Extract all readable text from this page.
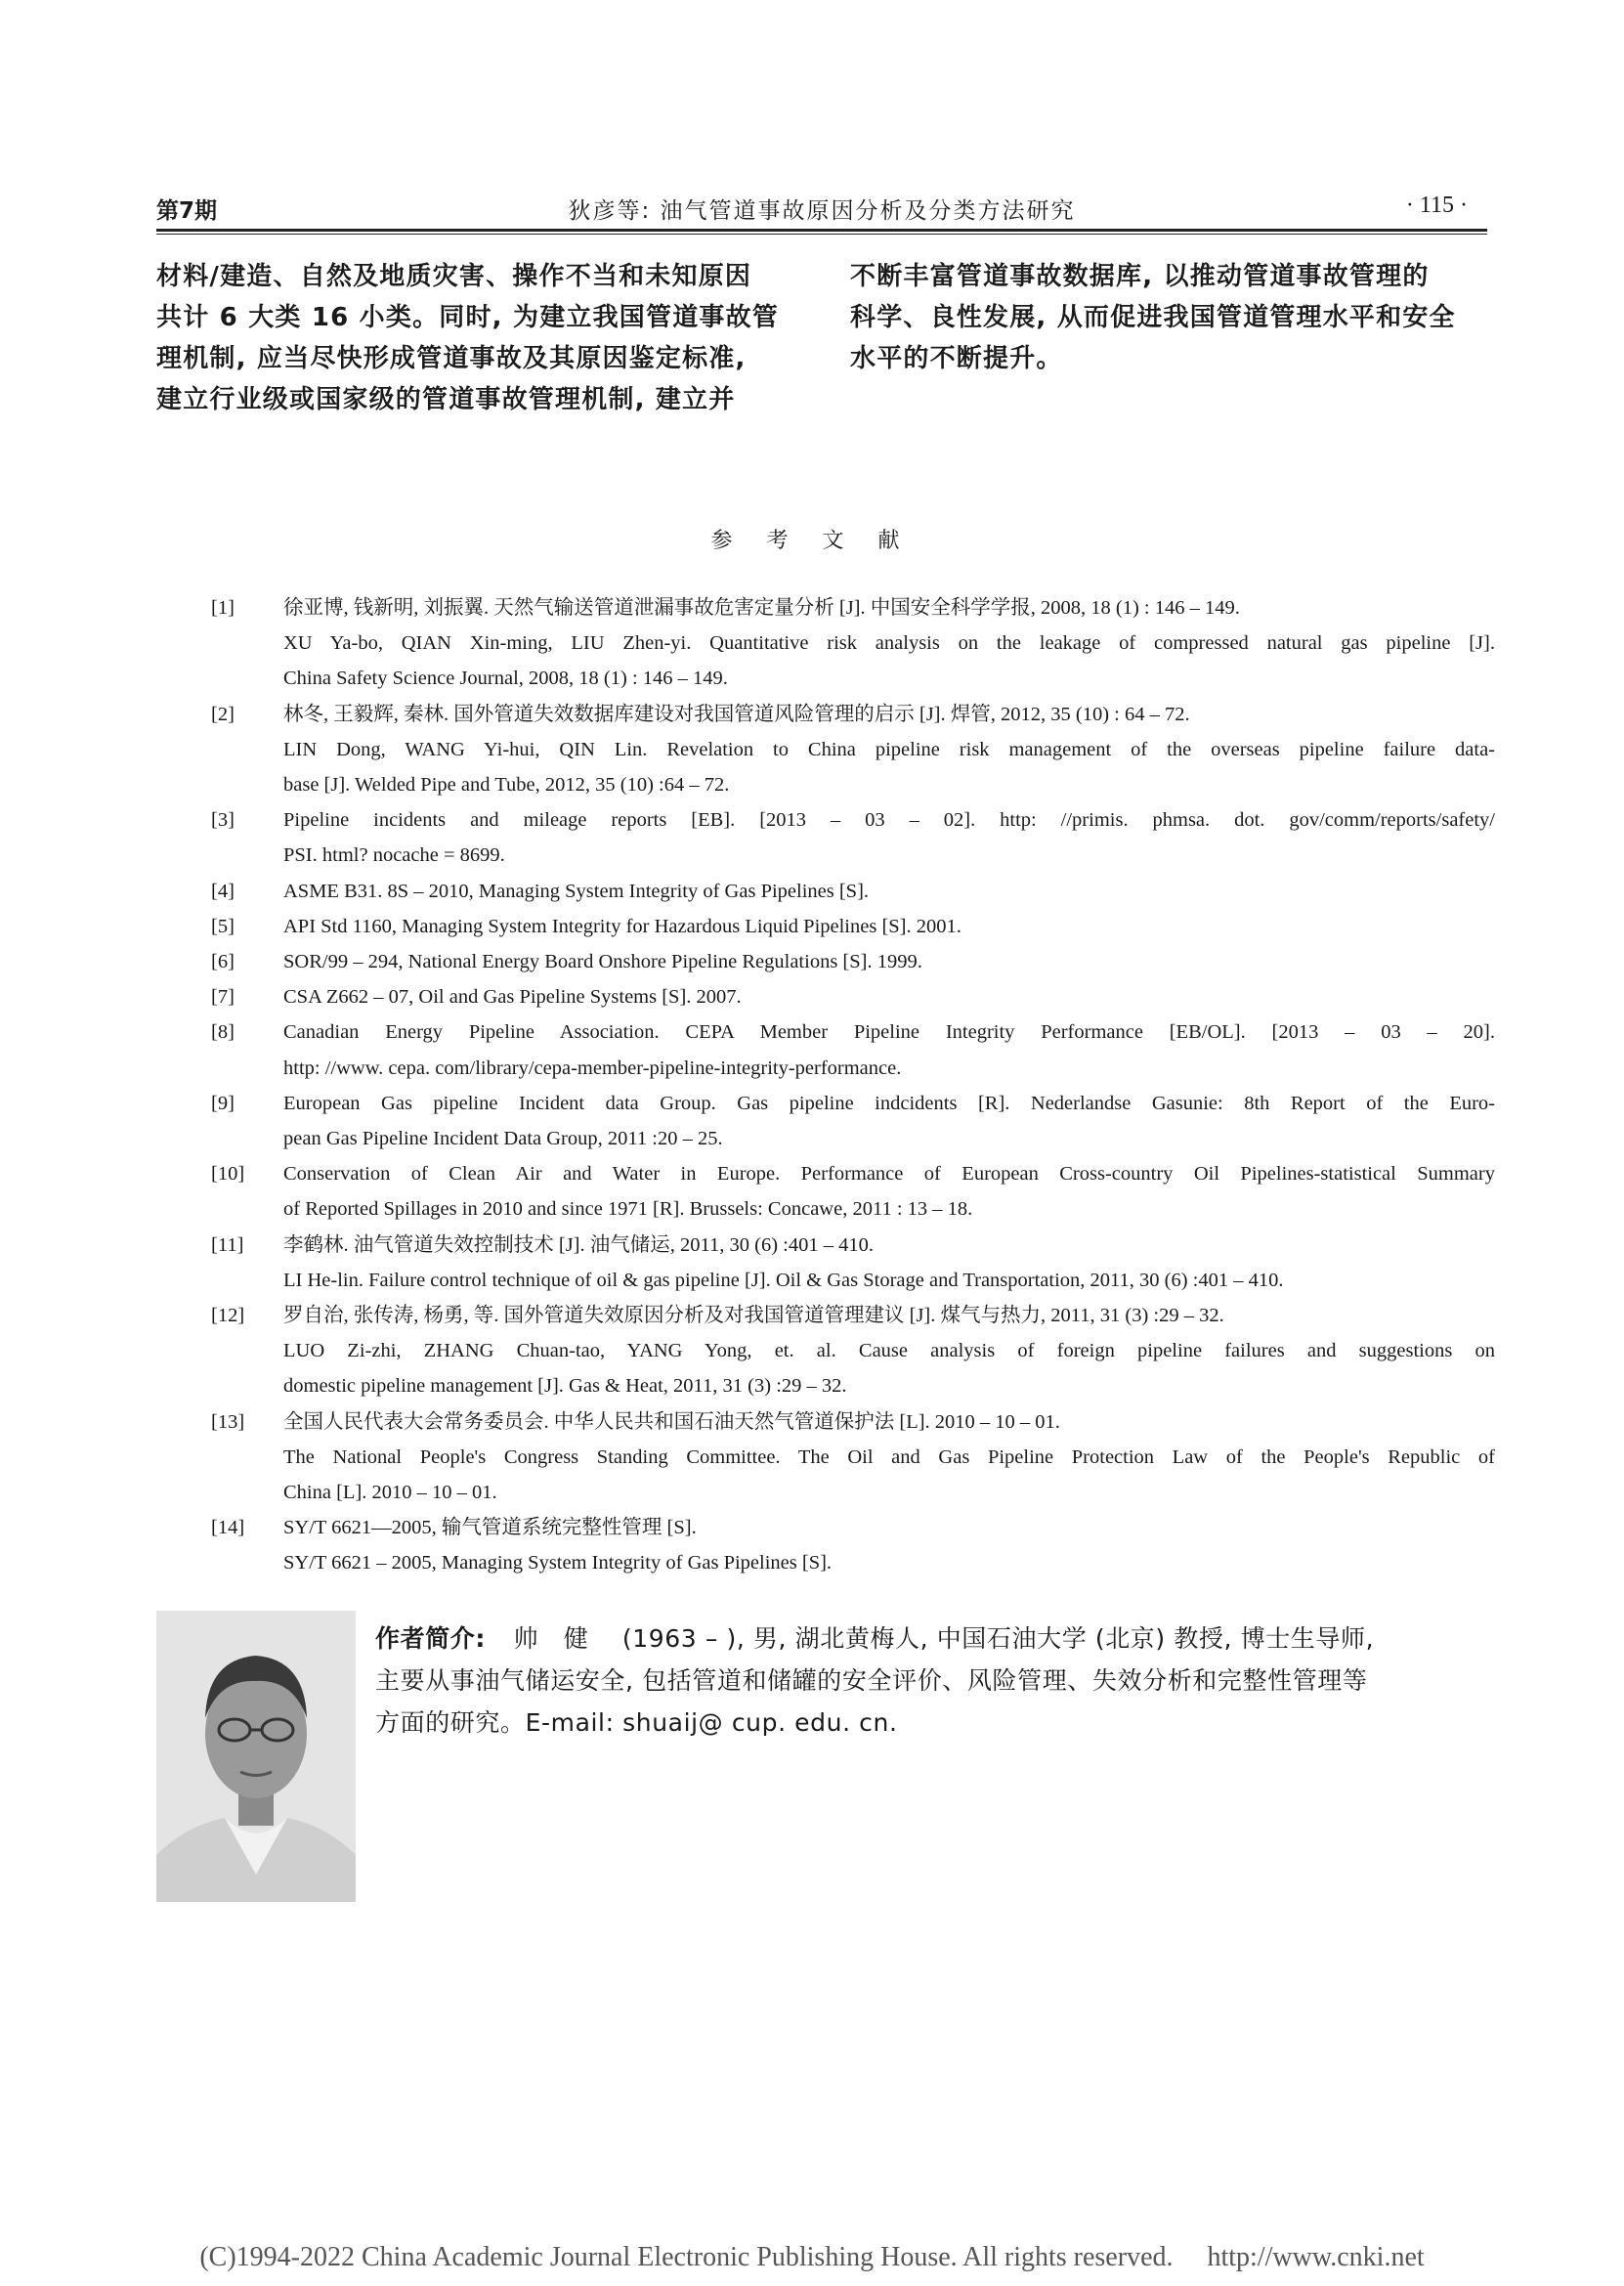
第7期	狄彦等: 油气管道事故原因分析及分类方法研究	· 115 ·
材料/建造、自然及地质灾害、操作不当和未知原因
共计 6 大类 16 小类。同时, 为建立我国管道事故管
理机制, 应当尽快形成管道事故及其原因鉴定标准,
建立行业级或国家级的管道事故管理机制, 建立并
不断丰富管道事故数据库, 以推动管道事故管理的
科学、良性发展, 从而促进我国管道管理水平和安全
水平的不断提升。
参 考 文 献
[1] 徐亚博, 钱新明, 刘振翼. 天然气输送管道泄漏事故危害定量分析 [J]. 中国安全科学学报, 2008, 18 (1) : 146 – 149.
XU Ya-bo, QIAN Xin-ming, LIU Zhen-yi. Quantitative risk analysis on the leakage of compressed natural gas pipeline [J].
China Safety Science Journal, 2008, 18 (1) : 146 – 149.
[2] 林冬, 王毅辉, 秦林. 国外管道失效数据库建设对我国管道风险管理的启示 [J]. 焊管, 2012, 35 (10) : 64 – 72.
LIN Dong, WANG Yi-hui, QIN Lin. Revelation to China pipeline risk management of the overseas pipeline failure data-
base [J]. Welded Pipe and Tube, 2012, 35 (10) :64 – 72.
[3] Pipeline incidents and mileage reports [EB]. [2013 – 03 – 02]. http: //primis. phmsa. dot. gov/comm/reports/safety/
PSI. html? nocache = 8699.
[4] ASME B31. 8S – 2010, Managing System Integrity of Gas Pipelines [S].
[5] API Std 1160, Managing System Integrity for Hazardous Liquid Pipelines [S]. 2001.
[6] SOR/99 – 294, National Energy Board Onshore Pipeline Regulations [S]. 1999.
[7] CSA Z662 – 07, Oil and Gas Pipeline Systems [S]. 2007.
[8] Canadian Energy Pipeline Association. CEPA Member Pipeline Integrity Performance [EB/OL]. [2013 – 03 – 20].
http: //www. cepa. com/library/cepa-member-pipeline-integrity-performance.
[9] European Gas pipeline Incident data Group. Gas pipeline indcidents [R]. Nederlandse Gasunie: 8th Report of the Euro-
pean Gas Pipeline Incident Data Group, 2011 :20 – 25.
[10] Conservation of Clean Air and Water in Europe. Performance of European Cross-country Oil Pipelines-statistical Summary
of Reported Spillages in 2010 and since 1971 [R]. Brussels: Concawe, 2011 : 13 – 18.
[11] 李鹤林. 油气管道失效控制技术 [J]. 油气储运, 2011, 30 (6) :401 – 410.
LI He-lin. Failure control technique of oil & gas pipeline [J]. Oil & Gas Storage and Transportation, 2011, 30 (6) :401 – 410.
[12] 罗自治, 张传涛, 杨勇, 等. 国外管道失效原因分析及对我国管道管理建议 [J]. 煤气与热力, 2011, 31 (3) :29 – 32.
LUO Zi-zhi, ZHANG Chuan-tao, YANG Yong, et. al. Cause analysis of foreign pipeline failures and suggestions on
domestic pipeline management [J]. Gas & Heat, 2011, 31 (3) :29 – 32.
[13] 全国人民代表大会常务委员会. 中华人民共和国石油天然气管道保护法 [L]. 2010 – 10 – 01.
The National People's Congress Standing Committee. The Oil and Gas Pipeline Protection Law of the People's Republic of
China [L]. 2010 – 10 – 01.
[14] SY/T 6621—2005, 输气管道系统完整性管理 [S].
SY/T 6621 – 2005, Managing System Integrity of Gas Pipelines [S].
作者简介: 帅　健 (1963 – ), 男, 湖北黄梅人, 中国石油大学 (北京) 教授, 博士生导师,
主要从事油气储运安全, 包括管道和储罐的安全评价、风险管理、失效分析和完整性管理等
方面的研究。E-mail: shuaij@ cup. edu. cn.
(C)1994-2022 China Academic Journal Electronic Publishing House. All rights reserved. http://www.cnki.net
